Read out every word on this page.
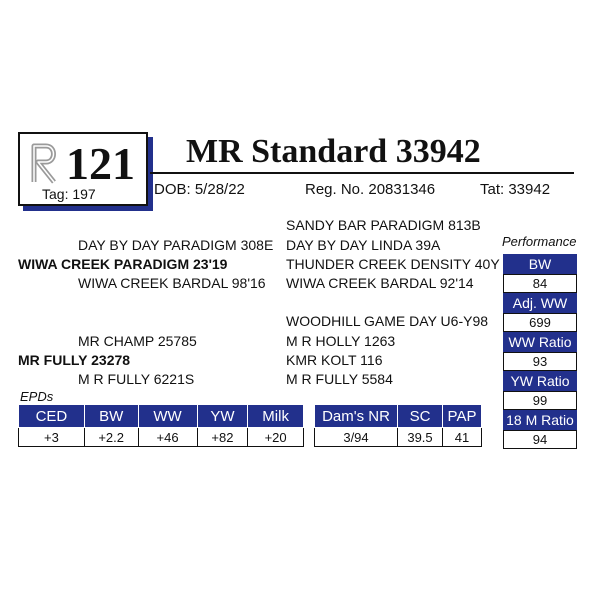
121
Tag: 197
MR Standard 33942
DOB: 5/28/22	Reg. No. 20831346	Tat: 33942
SANDY BAR PARADIGM 813B
DAY BY DAY PARADIGM 308E DAY BY DAY LINDA 39A
WIWA CREEK PARADIGM 23'19	THUNDER CREEK DENSITY 40Y
WIWA CREEK BARDAL 98'16 WIWA CREEK BARDAL 92'14
WOODHILL GAME DAY U6-Y98
MR CHAMP 25785	M R HOLLY 1263
MR FULLY 23278	KMR KOLT 116
M R FULLY 6221S	M R FULLY 5584
Performance
BW
84
Adj. WW
699
WW Ratio
93
YW Ratio
99
18 M Ratio
94
EPDs
CED	BW	WW	YW	Milk
+3	+2.2	+46	+82	+20
Dam's NR	SC	PAP
3/94	39.5	41
